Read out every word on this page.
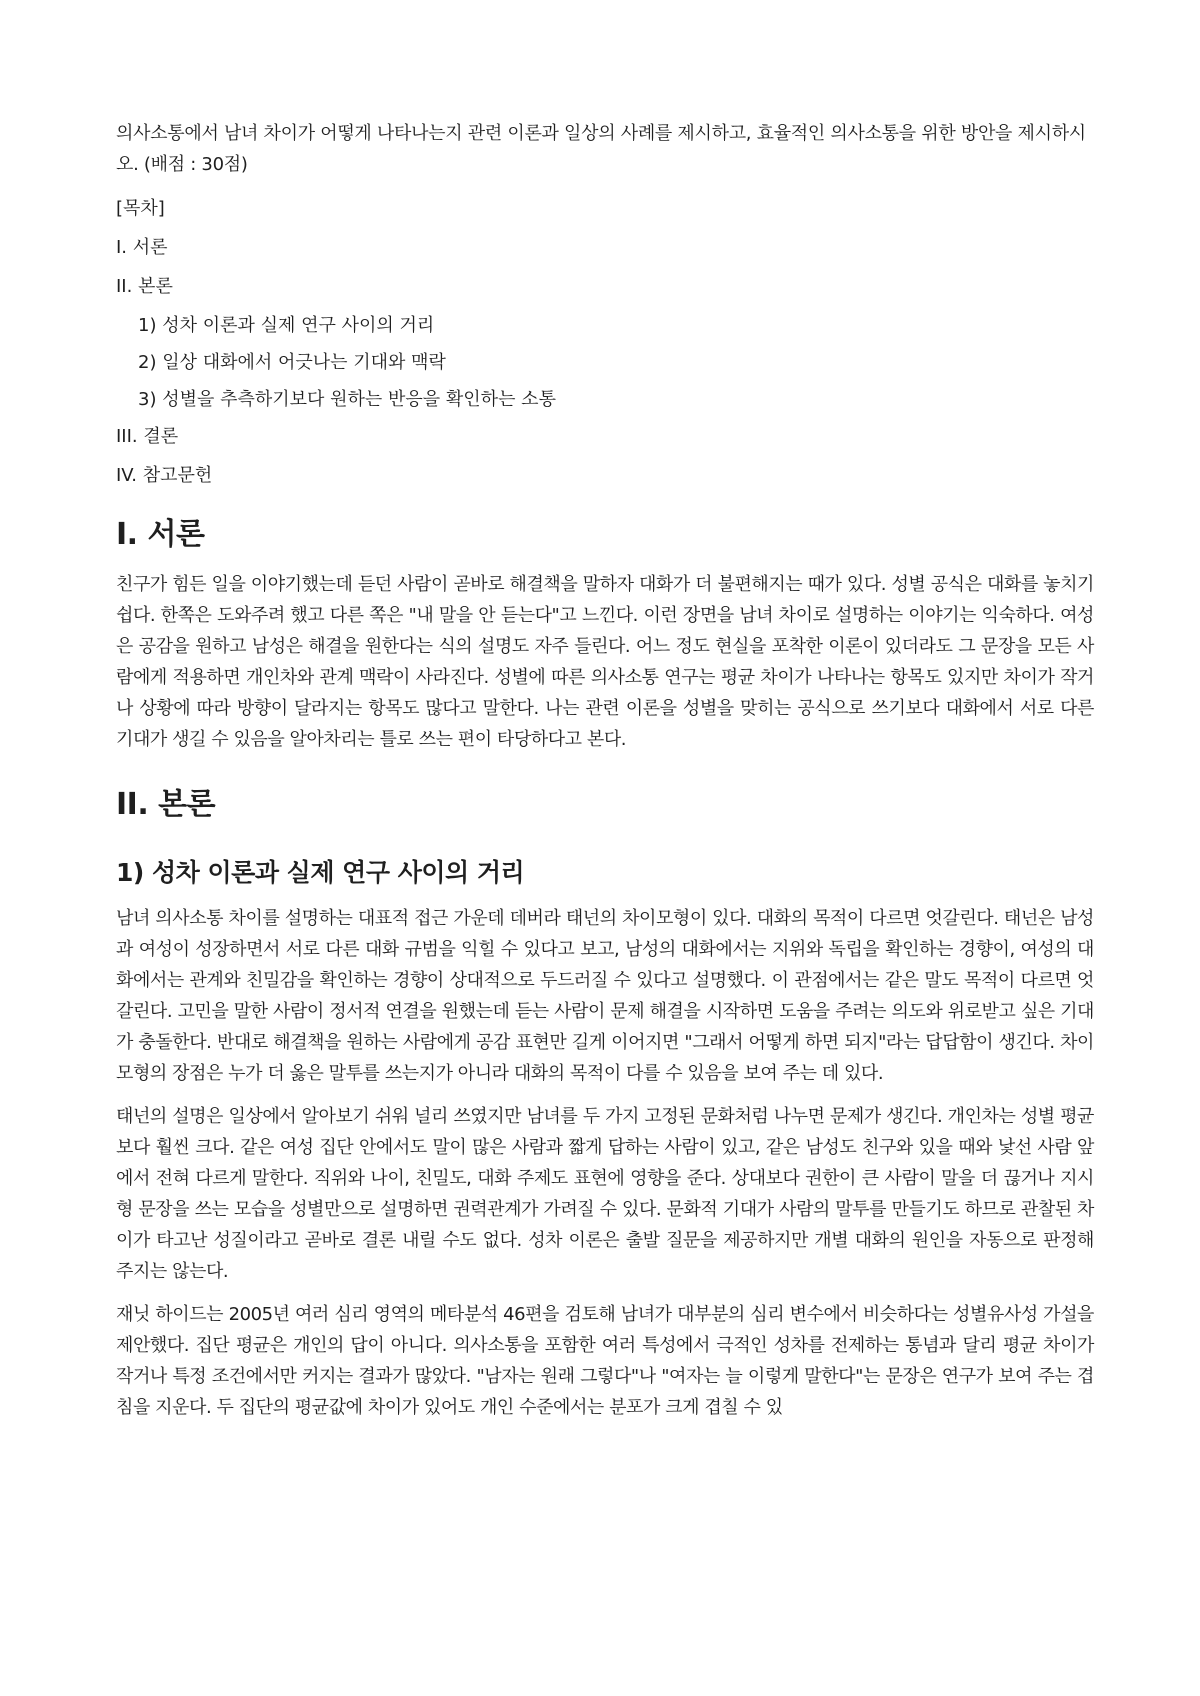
의사소통에서 남녀 차이가 어떻게 나타나는지 관련 이론과 일상의 사례를 제시하고, 효율적인 의사소통을 위한 방안을 제시하시오. (배점 : 30점)

[목차]
I. 서론
II. 본론
1) 성차 이론과 실제 연구 사이의 거리
2) 일상 대화에서 어긋나는 기대와 맥락
3) 성별을 추측하기보다 원하는 반응을 확인하는 소통
III. 결론
IV. 참고문헌
I. 서론

친구가 힘든 일을 이야기했는데 듣던 사람이 곧바로 해결책을 말하자 대화가 더 불편해지는 때가 있다. 성별 공식은 대화를 놓치기 쉽다. 한쪽은 도와주려 했고 다른 쪽은 "내 말을 안 듣는다"고 느낀다. 이런 장면을 남녀 차이로 설명하는 이야기는 익숙하다. 여성은 공감을 원하고 남성은 해결을 원한다는 식의 설명도 자주 들린다. 어느 정도 현실을 포착한 이론이 있더라도 그 문장을 모든 사람에게 적용하면 개인차와 관계 맥락이 사라진다. 성별에 따른 의사소통 연구는 평균 차이가 나타나는 항목도 있지만 차이가 작거나 상황에 따라 방향이 달라지는 항목도 많다고 말한다. 나는 관련 이론을 성별을 맞히는 공식으로 쓰기보다 대화에서 서로 다른 기대가 생길 수 있음을 알아차리는 틀로 쓰는 편이 타당하다고 본다.

II. 본론
1) 성차 이론과 실제 연구 사이의 거리

남녀 의사소통 차이를 설명하는 대표적 접근 가운데 데버라 태넌의 차이모형이 있다. 대화의 목적이 다르면 엇갈린다. 태넌은 남성과 여성이 성장하면서 서로 다른 대화 규범을 익힐 수 있다고 보고, 남성의 대화에서는 지위와 독립을 확인하는 경향이, 여성의 대화에서는 관계와 친밀감을 확인하는 경향이 상대적으로 두드러질 수 있다고 설명했다. 이 관점에서는 같은 말도 목적이 다르면 엇갈린다. 고민을 말한 사람이 정서적 연결을 원했는데 듣는 사람이 문제 해결을 시작하면 도움을 주려는 의도와 위로받고 싶은 기대가 충돌한다. 반대로 해결책을 원하는 사람에게 공감 표현만 길게 이어지면 "그래서 어떻게 하면 되지"라는 답답함이 생긴다. 차이모형의 장점은 누가 더 옳은 말투를 쓰는지가 아니라 대화의 목적이 다를 수 있음을 보여 주는 데 있다.

태넌의 설명은 일상에서 알아보기 쉬워 널리 쓰였지만 남녀를 두 가지 고정된 문화처럼 나누면 문제가 생긴다. 개인차는 성별 평균보다 훨씬 크다. 같은 여성 집단 안에서도 말이 많은 사람과 짧게 답하는 사람이 있고, 같은 남성도 친구와 있을 때와 낯선 사람 앞에서 전혀 다르게 말한다. 직위와 나이, 친밀도, 대화 주제도 표현에 영향을 준다. 상대보다 권한이 큰 사람이 말을 더 끊거나 지시형 문장을 쓰는 모습을 성별만으로 설명하면 권력관계가 가려질 수 있다. 문화적 기대가 사람의 말투를 만들기도 하므로 관찰된 차이가 타고난 성질이라고 곧바로 결론 내릴 수도 없다. 성차 이론은 출발 질문을 제공하지만 개별 대화의 원인을 자동으로 판정해 주지는 않는다.

재닛 하이드는 2005년 여러 심리 영역의 메타분석 46편을 검토해 남녀가 대부분의 심리 변수에서 비슷하다는 성별유사성 가설을 제안했다. 집단 평균은 개인의 답이 아니다. 의사소통을 포함한 여러 특성에서 극적인 성차를 전제하는 통념과 달리 평균 차이가 작거나 특정 조건에서만 커지는 결과가 많았다. "남자는 원래 그렇다"나 "여자는 늘 이렇게 말한다"는 문장은 연구가 보여 주는 겹침을 지운다. 두 집단의 평균값에 차이가 있어도 개인 수준에서는 분포가 크게 겹칠 수 있
